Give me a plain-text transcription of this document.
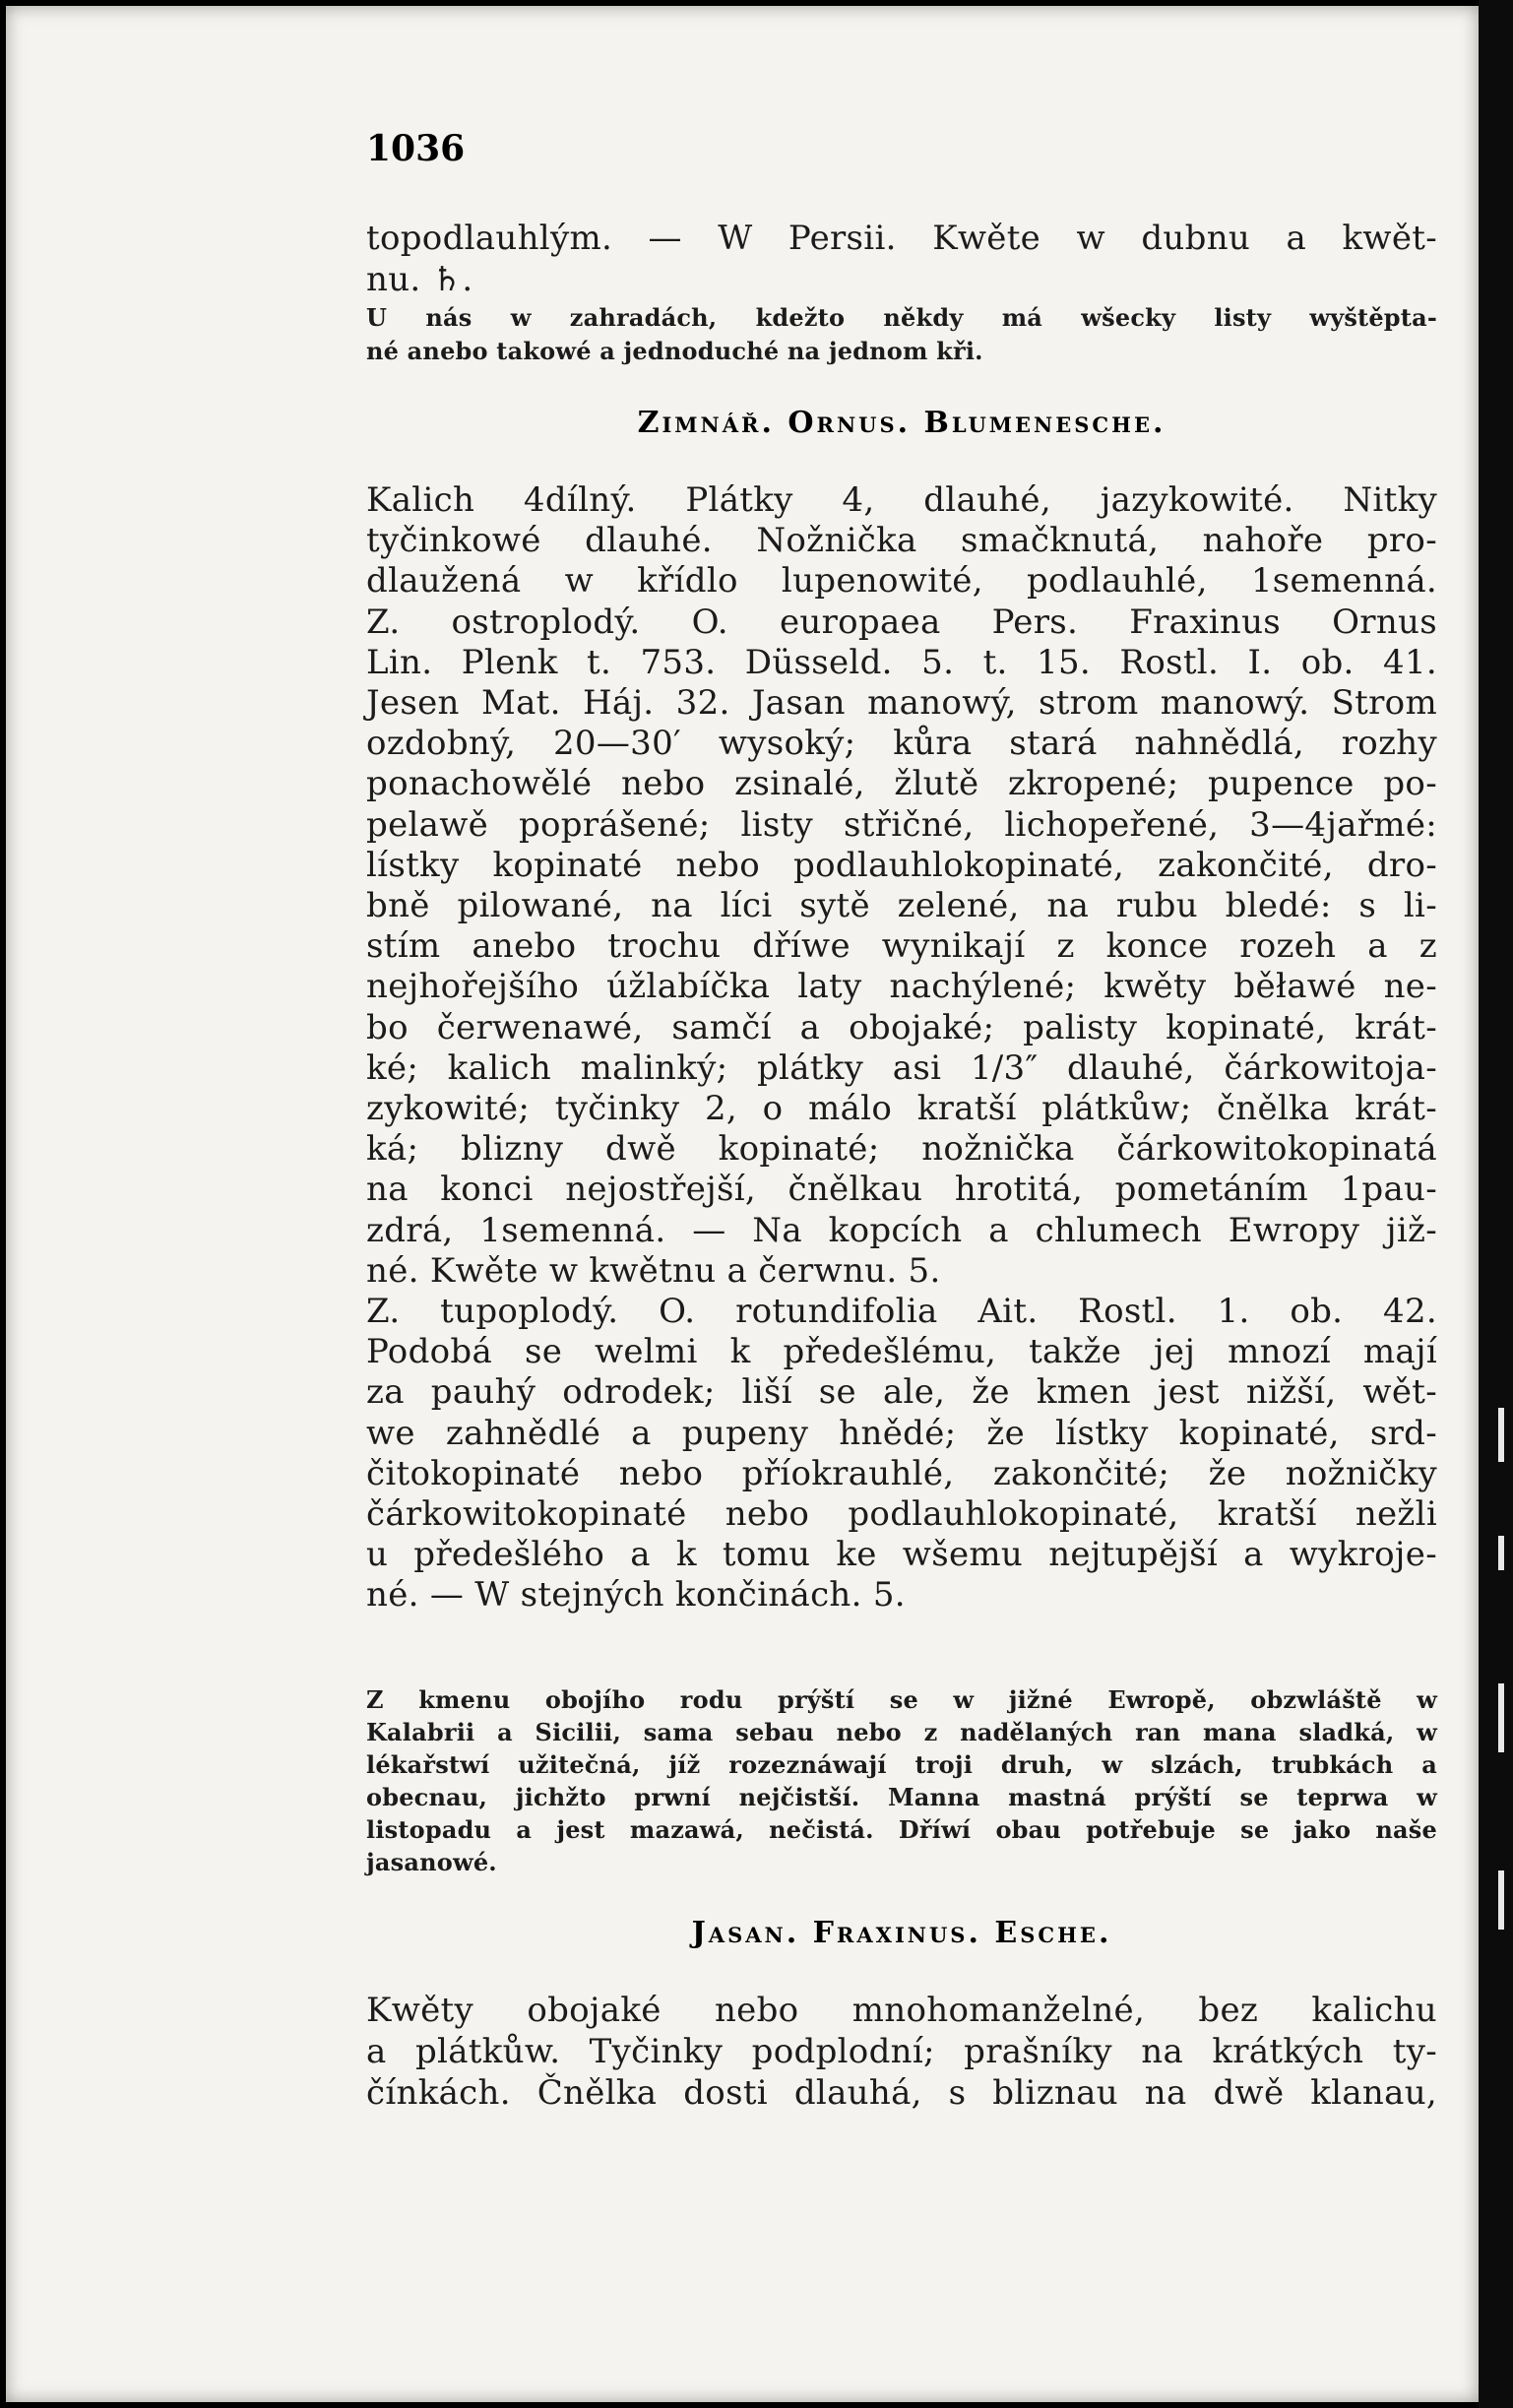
1036
topodlauhlým. — W Persii. Kwěte w dubnu a kwět-
nu. ♄.
U nás w zahradách, kdežto někdy má wšecky listy wyštěpta-
né anebo takowé a jednoduché na jednom kři.
Zimnář. Ornus. Blumenesche.
Kalich 4dílný. Plátky 4, dlauhé, jazykowité. Nitky
tyčinkowé dlauhé. Nožnička smačknutá, nahoře pro-
dlaužená w křídlo lupenowité, podlauhlé, 1semenná.
Z. ostroplodý. O. europaea Pers. Fraxinus Ornus
Lin. Plenk t. 753. Düsseld. 5. t. 15. Rostl. I. ob. 41.
Jesen Mat. Háj. 32. Jasan manowý, strom manowý. Strom
ozdobný, 20—30′ wysoký; kůra stará nahnědlá, rozhy
ponachowělé nebo zsinalé, žlutě zkropené; pupence po-
pelawě poprášené; listy střičné, lichopeřené, 3—4jařmé:
lístky kopinaté nebo podlauhlokopinaté, zakončité, dro-
bně pilowané, na líci sytě zelené, na rubu bledé: s li-
stím anebo trochu dříwe wynikají z konce rozeh a z
nejhořejšího úžlabíčka laty nachýlené; kwěty běławé ne-
bo čerwenawé, samčí a obojaké; palisty kopinaté, krát-
ké; kalich malinký; plátky asi 1/3″ dlauhé, čárkowitoja-
zykowité; tyčinky 2, o málo kratší plátkůw; čnělka krát-
ká; blizny dwě kopinaté; nožnička čárkowitokopinatá
na konci nejostřejší, čnělkau hrotitá, pometáním 1pau-
zdrá, 1semenná. — Na kopcích a chlumech Ewropy již-
né. Kwěte w kwětnu a čerwnu. 5.
Z. tupoplodý. O. rotundifolia Ait. Rostl. 1. ob. 42.
Podobá se welmi k předešlému, takže jej mnozí mají
za pauhý odrodek; liší se ale, že kmen jest nižší, wět-
we zahnědlé a pupeny hnědé; že lístky kopinaté, srd-
čitokopinaté nebo příokrauhlé, zakončité; že nožničky
čárkowitokopinaté nebo podlauhlokopinaté, kratší nežli
u předešlého a k tomu ke wšemu nejtupější a wykroje-
né. — W stejných končinách. 5.
Z kmenu obojího rodu prýští se w jižné Ewropě, obzwláště w
Kalabrii a Sicilii, sama sebau nebo z nadělaných ran mana sladká, w
lékařstwí užitečná, jíž rozeznáwají troji druh, w slzách, trubkách a
obecnau, jichžto prwní nejčistší. Manna mastná prýští se teprwa w
listopadu a jest mazawá, nečistá. Dříwí obau potřebuje se jako naše
jasanowé.
Jasan. Fraxinus. Esche.
Kwěty obojaké nebo mnohomanželné, bez kalichu
a plátkůw. Tyčinky podplodní; prašníky na krátkých ty-
čínkách. Čnělka dosti dlauhá, s bliznau na dwě klanau,
